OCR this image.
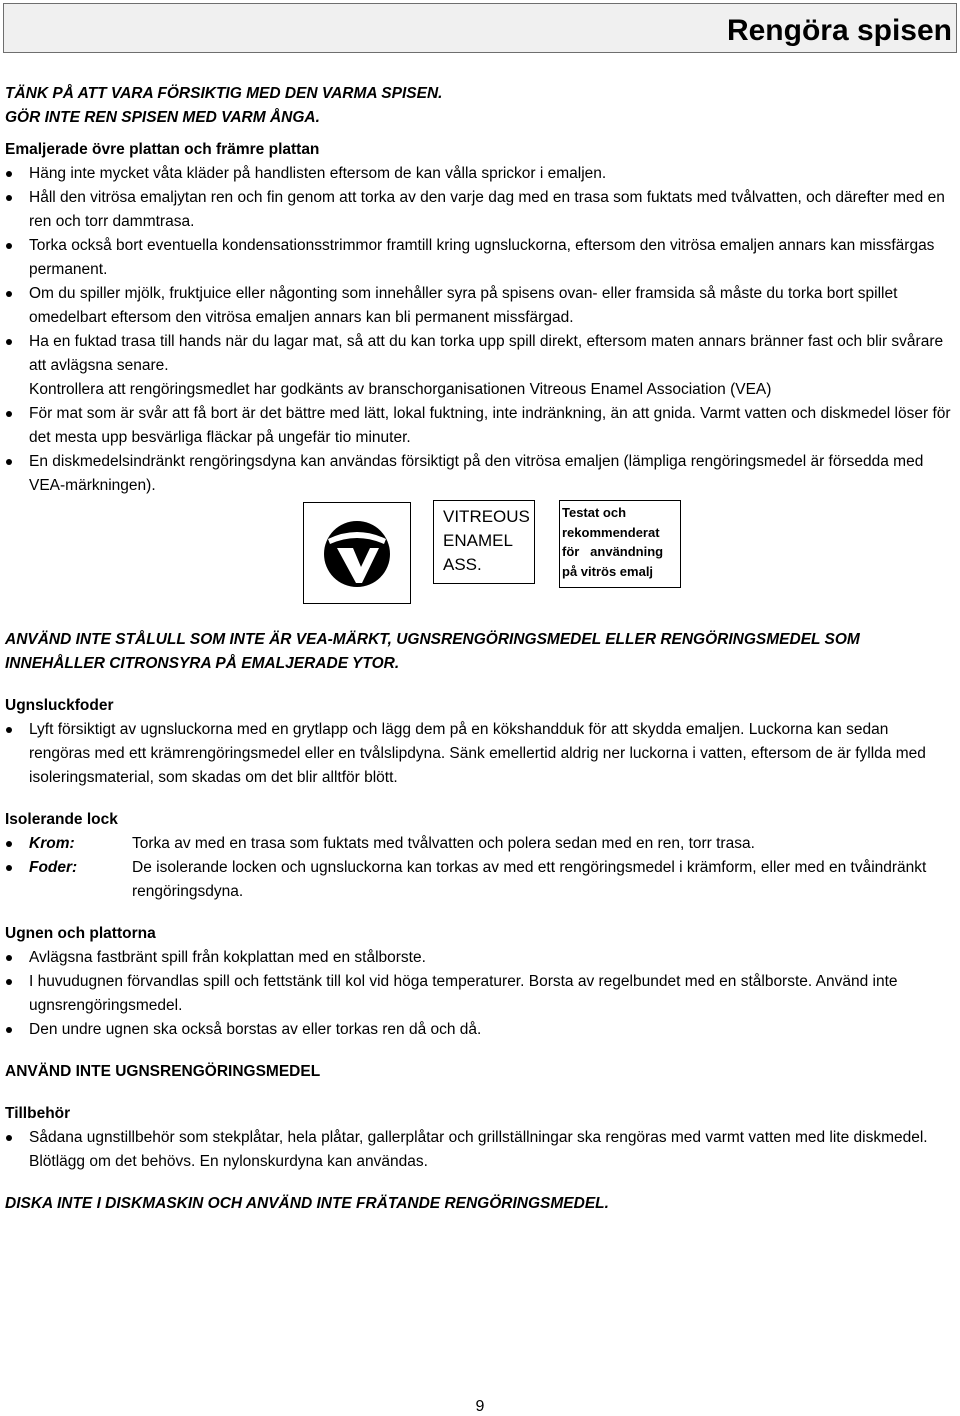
Rengöra spisen
TÄNK PÅ ATT VARA FÖRSIKTIG MED DEN VARMA SPISEN.
GÖR INTE REN SPISEN MED VARM ÅNGA.
Emaljerade övre plattan och främre plattan
Häng inte mycket våta kläder på handlisten eftersom de kan vålla sprickor i emaljen.
Håll den vitrösa emaljytan ren och fin genom att torka av den varje dag med en trasa som fuktats med tvålvatten, och därefter med en ren och torr dammtrasa.
Torka också bort eventuella kondensationsstrimmor framtill kring ugnsluckorna, eftersom den vitrösa emaljen annars kan missfärgas permanent.
Om du spiller mjölk, fruktjuice eller någonting som innehåller syra på spisens ovan- eller framsida så måste du torka bort spillet omedelbart eftersom den vitrösa emaljen annars kan bli permanent missfärgad.
Ha en fuktad trasa till hands när du lagar mat, så att du kan torka upp spill direkt, eftersom maten annars bränner fast och blir svårare att avlägsna senare.
Kontrollera att rengöringsmedlet har godkänts av branschorganisationen Vitreous Enamel Association (VEA)
För mat som är svår att få bort är det bättre med lätt, lokal fuktning, inte indränkning, än att gnida. Varmt vatten och diskmedel löser för det mesta upp besvärliga fläckar på ungefär tio minuter.
En diskmedelsindränkt rengöringsdyna kan användas försiktigt på den vitrösa emaljen (lämpliga rengöringsmedel är försedda med VEA-märkningen).
VITREOUS
ENAMEL
ASS.
Testat och
rekommenderat
för   användning
på vitrös emalj
ANVÄND INTE STÅLULL SOM INTE ÄR VEA-MÄRKT, UGNSRENGÖRINGSMEDEL ELLER RENGÖRINGSMEDEL SOM INNEHÅLLER CITRONSYRA PÅ EMALJERADE YTOR.
Ugnsluckfoder
Lyft försiktigt av ugnsluckorna med en grytlapp och lägg dem på en kökshandduk för att skydda emaljen. Luckorna kan sedan rengöras med ett krämrengöringsmedel eller en tvålslipdyna. Sänk emellertid aldrig ner luckorna i vatten, eftersom de är fyllda med isoleringsmaterial, som skadas om det blir alltför blött.
Isolerande lock
Krom:	Torka av med en trasa som fuktats med tvålvatten och polera sedan med en ren, torr trasa.
Foder:	De isolerande locken och ugnsluckorna kan torkas av med ett rengöringsmedel i krämform, eller med en tvåindränkt rengöringsdyna.
Ugnen och plattorna
Avlägsna fastbränt spill från kokplattan med en stålborste.
I huvudugnen förvandlas spill och fettstänk till kol vid höga temperaturer. Borsta av regelbundet med en stålborste. Använd inte ugnsrengöringsmedel.
Den undre ugnen ska också borstas av eller torkas ren då och då.
ANVÄND INTE UGNSRENGÖRINGSMEDEL
Tillbehör
Sådana ugnstillbehör som stekplåtar, hela plåtar, gallerplåtar och grillställningar ska rengöras med varmt vatten med lite diskmedel. Blötlägg om det behövs. En nylonskurdyna kan användas.
DISKA INTE I DISKMASKIN OCH ANVÄND INTE FRÄTANDE RENGÖRINGSMEDEL.
9
